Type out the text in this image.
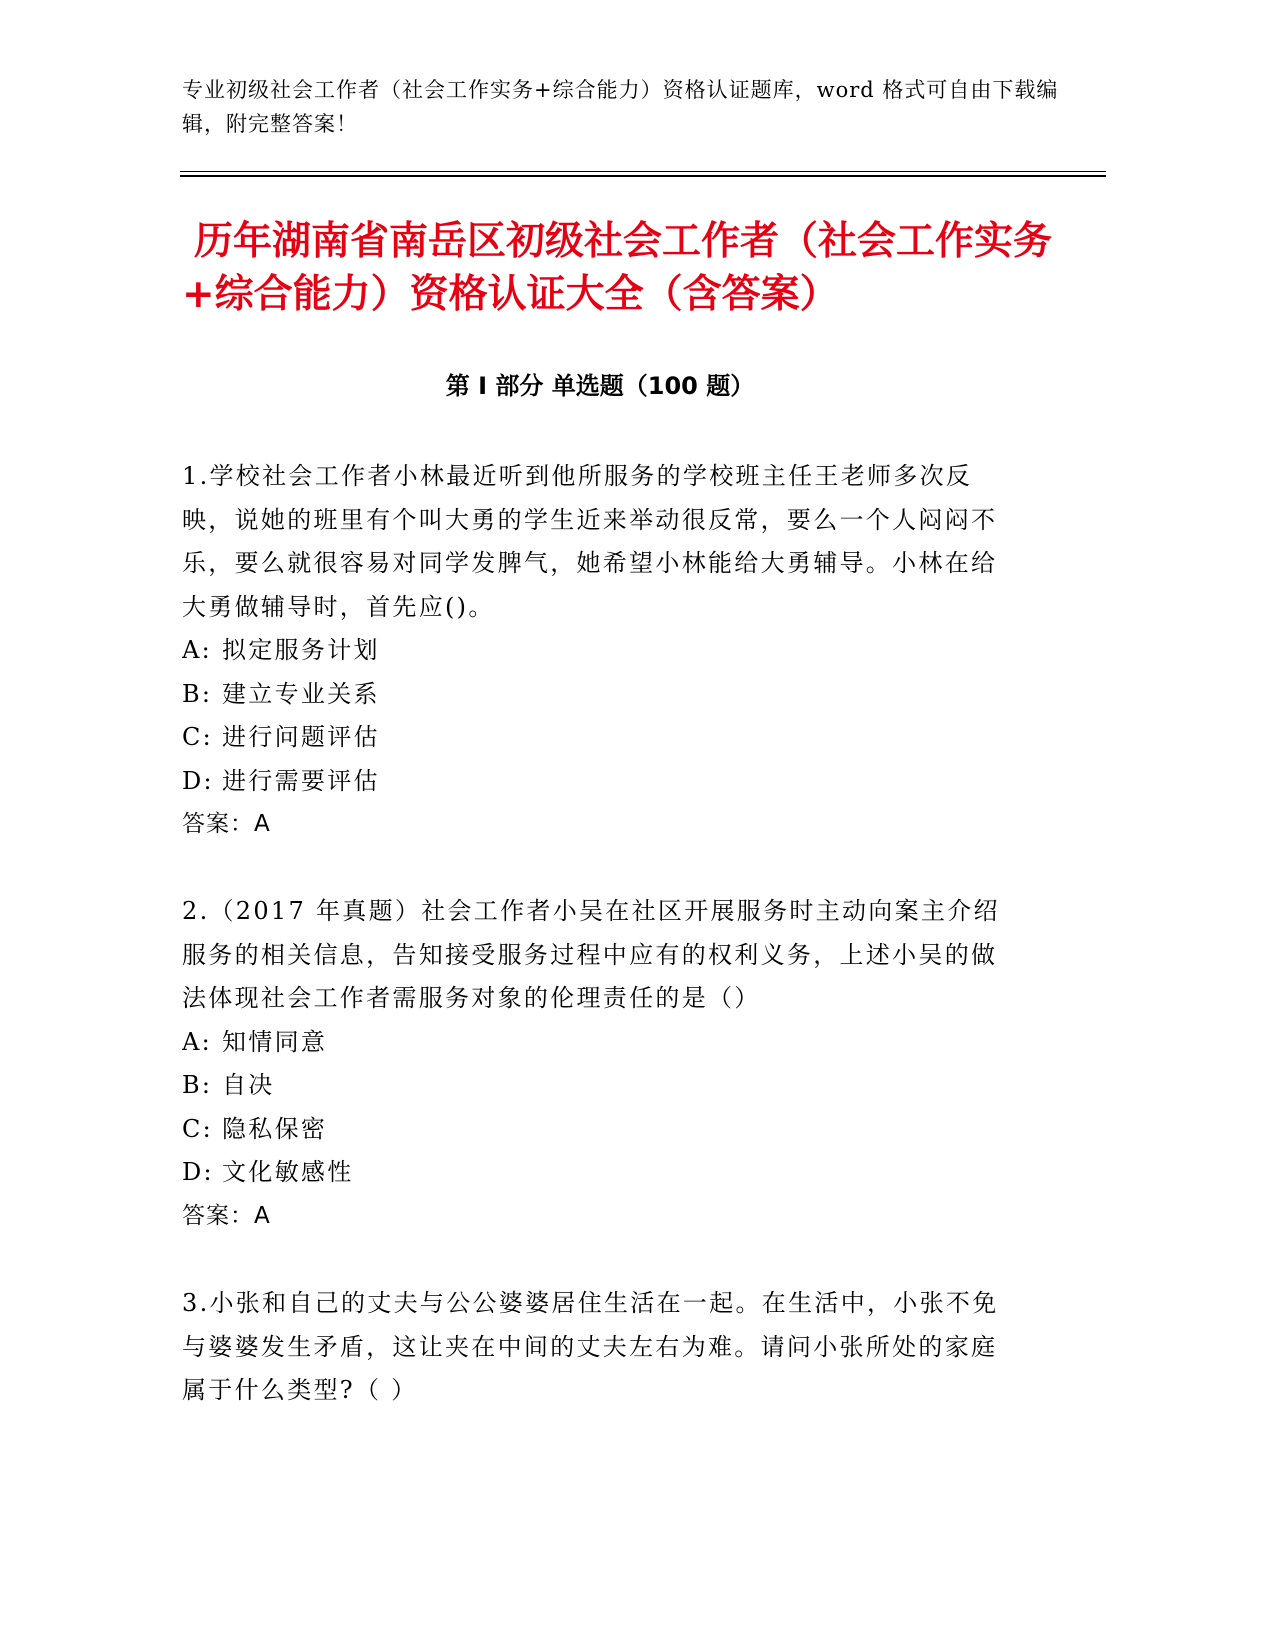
专业初级社会工作者（社会工作实务+综合能力）资格认证题库，word 格式可自由下载编辑，附完整答案！
历年湖南省南岳区初级社会工作者（社会工作实务+综合能力）资格认证大全（含答案）
第 I 部分 单选题（100 题）

1.学校社会工作者小林最近听到他所服务的学校班主任王老师多次反映，说她的班里有个叫大勇的学生近来举动很反常，要么一个人闷闷不乐，要么就很容易对同学发脾气，她希望小林能给大勇辅导。小林在给大勇做辅导时，首先应()。

A: 拟定服务计划

B: 建立专业关系

C: 进行问题评估

D: 进行需要评估

答案：A

2.（2017 年真题）社会工作者小吴在社区开展服务时主动向案主介绍服务的相关信息，告知接受服务过程中应有的权利义务，上述小吴的做法体现社会工作者需服务对象的伦理责任的是（）

A: 知情同意

B: 自决

C: 隐私保密

D: 文化敏感性

答案：A

3.小张和自己的丈夫与公公婆婆居住生活在一起。在生活中，小张不免与婆婆发生矛盾，这让夹在中间的丈夫左右为难。请问小张所处的家庭属于什么类型?（ ）
